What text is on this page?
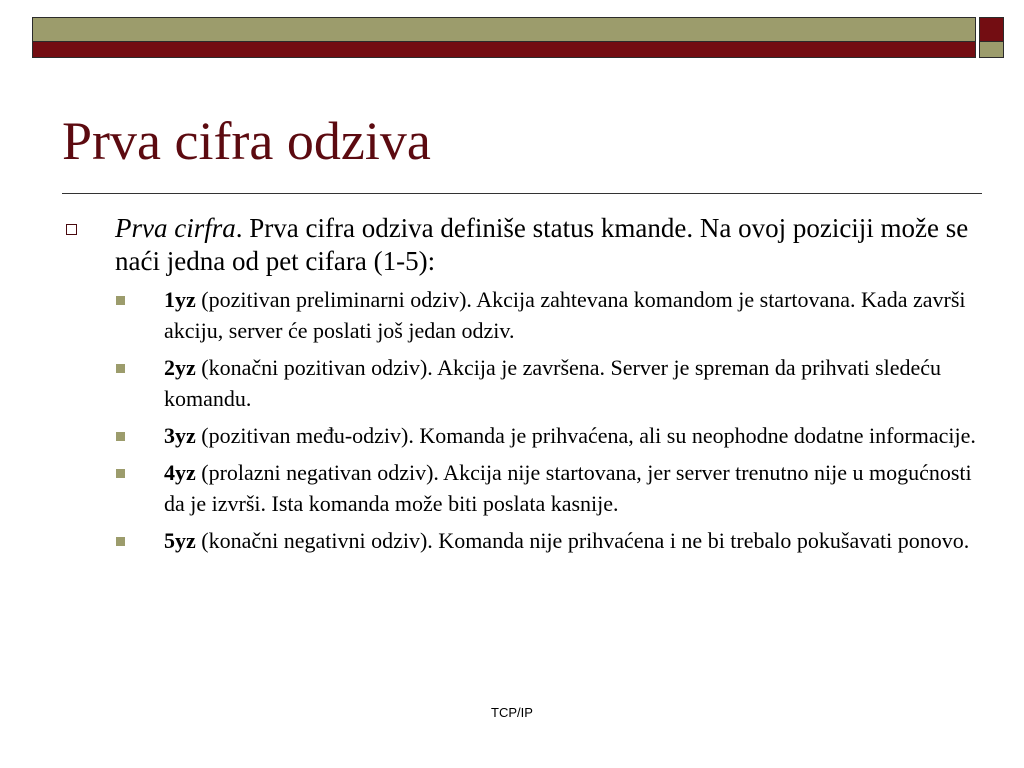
Prva cifra odziva
Prva cirfra. Prva cifra odziva definiše status kmande. Na ovoj poziciji može se naći jedna od pet cifara (1-5):
1yz (pozitivan preliminarni odziv). Akcija zahtevana komandom je startovana. Kada završi akciju, server će poslati još jedan odziv.
2yz (konačni pozitivan odziv). Akcija je završena. Server je spreman da prihvati sledeću komandu.
3yz (pozitivan među-odziv). Komanda je prihvaćena, ali su neophodne dodatne informacije.
4yz (prolazni negativan odziv). Akcija nije startovana, jer server trenutno nije u mogućnosti da je izvrši. Ista komanda može biti poslata kasnije.
5yz (konačni negativni odziv). Komanda nije prihvaćena i ne bi trebalo pokušavati ponovo.
TCP/IP
